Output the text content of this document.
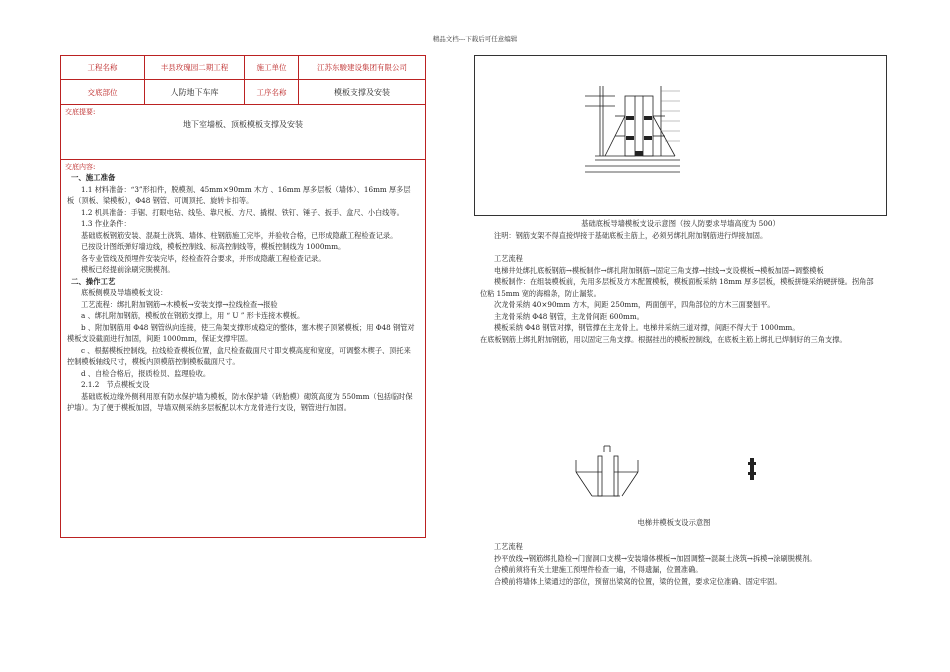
精品文档---下载后可任意编辑
工程名称	丰县玫瑰园二期工程	施工单位	江苏东駿建设集团有限公司
交底部位	人防地下车库	工序名称	模板支撑及安装
交底提要:
地下室墙板、顶板模板支撑及安装
交底内容:

一、施工准备

1.1 材料准备：“3”形扣件，脱模剂、45mm×90mm 木方 、16mm 厚多层板（墙体）、16mm 厚多层板（顶板、梁模板），Φ48 钢管、可调顶托、旋转卡扣等。

1.2 机具准备：手锯、打眼电钻、线坠、靠尺板、方尺、撬棍、铁钉、锤子、扳手、盒尺、小白线等。

1.3 作业条件：

基础底板钢筋安装、混凝土浇筑、墙体、柱钢筋施工完毕，并验收合格，已形成隐蔽工程检查记录。

已按设计图纸弹好墙边线，模板控制线、标高控制线等，模板控制线为 1000mm。

各专业管线及预埋件安装完毕，经检查符合要求，并形成隐蔽工程检查记录。

模板已经提前涂刷完脱模剂。

二、操作工艺

底板侧模及导墙模板支设：

工艺流程：绑扎附加钢筋→木模板→安装支撑→拉线检查→报验

a 、绑扎附加钢筋，模板放在钢筋支撑上，用 “ U ” 形卡连接木模板。

b 、附加钢筋用 Φ48 钢管纵向连接，使三角架支撑形成稳定的整体，塞木楔子顶紧模板；用 Φ48 钢管对模板支设截面进行加固，间距 1000mm，保证支撑牢固。

c 、根据模板控制线，拉线检查模板位置，盒尺检查截面尺寸即支模高度和宽度，可调整木楔子、顶托来控制模板轴线尺寸，模板内顶模筋控制模板截面尺寸。

d 、自检合格后，报质检员、监理验收。

2.1.2　节点模板支设

基础底板边缘外侧利用原有防水保护墙为模板，防水保护墙（砖胎模）砌筑高度为 550mm（包括临时保护墙）。为了便于模板加固，导墙双侧采纳多层板配以木方龙骨进行支设，钢管进行加固。

基础底板导墙模板支设示意图（按人防要求导墙高度为 500）

注明：钢筋支架不得直接焊接于基础底板主筋上，必须另绑扎附加钢筋进行焊接加固。

工艺流程

电梯井处绑扎底板钢筋→模板制作→绑扎附加钢筋→固定三角支撑→挂线→支设模板→模板加固→调整模板

模板制作：在组装模板前，先用多层板及方木配置模板，模板面板采纳 18mm 厚多层板，模板拼缝采纳硬拼缝。拐角部位粘 15mm 宽的海棉条，防止漏浆。

次龙骨采纳 40×90mm 方木，间距 250mm，两面刨平，四角部位的方木三面要刨平。

主龙骨采纳 Φ48 钢管，主龙骨间距 600mm。

模板采纳 Φ48 钢管对撑，钢管撑在主龙骨上。电梯井采纳三道对撑，间距不得大于 1000mm。

在底板钢筋上绑扎附加钢筋，用以固定三角支撑。根据挂出的模板控制线，在底板主筋上绑扎已焊制好的三角支撑。

电梯井模板支设示意图

工艺流程

抄平放线→钢筋绑扎隐检→门窗洞口支模→安装墙体模板→加固调整→混凝土浇筑→拆模→涂刷脱模剂。

合模前须将有关土建施工预埋件检查一遍，不得遗漏，位置准确。

合模前将墙体上梁通过的部位，预留出梁窝的位置，梁的位置，要求定位准确、固定牢固。
